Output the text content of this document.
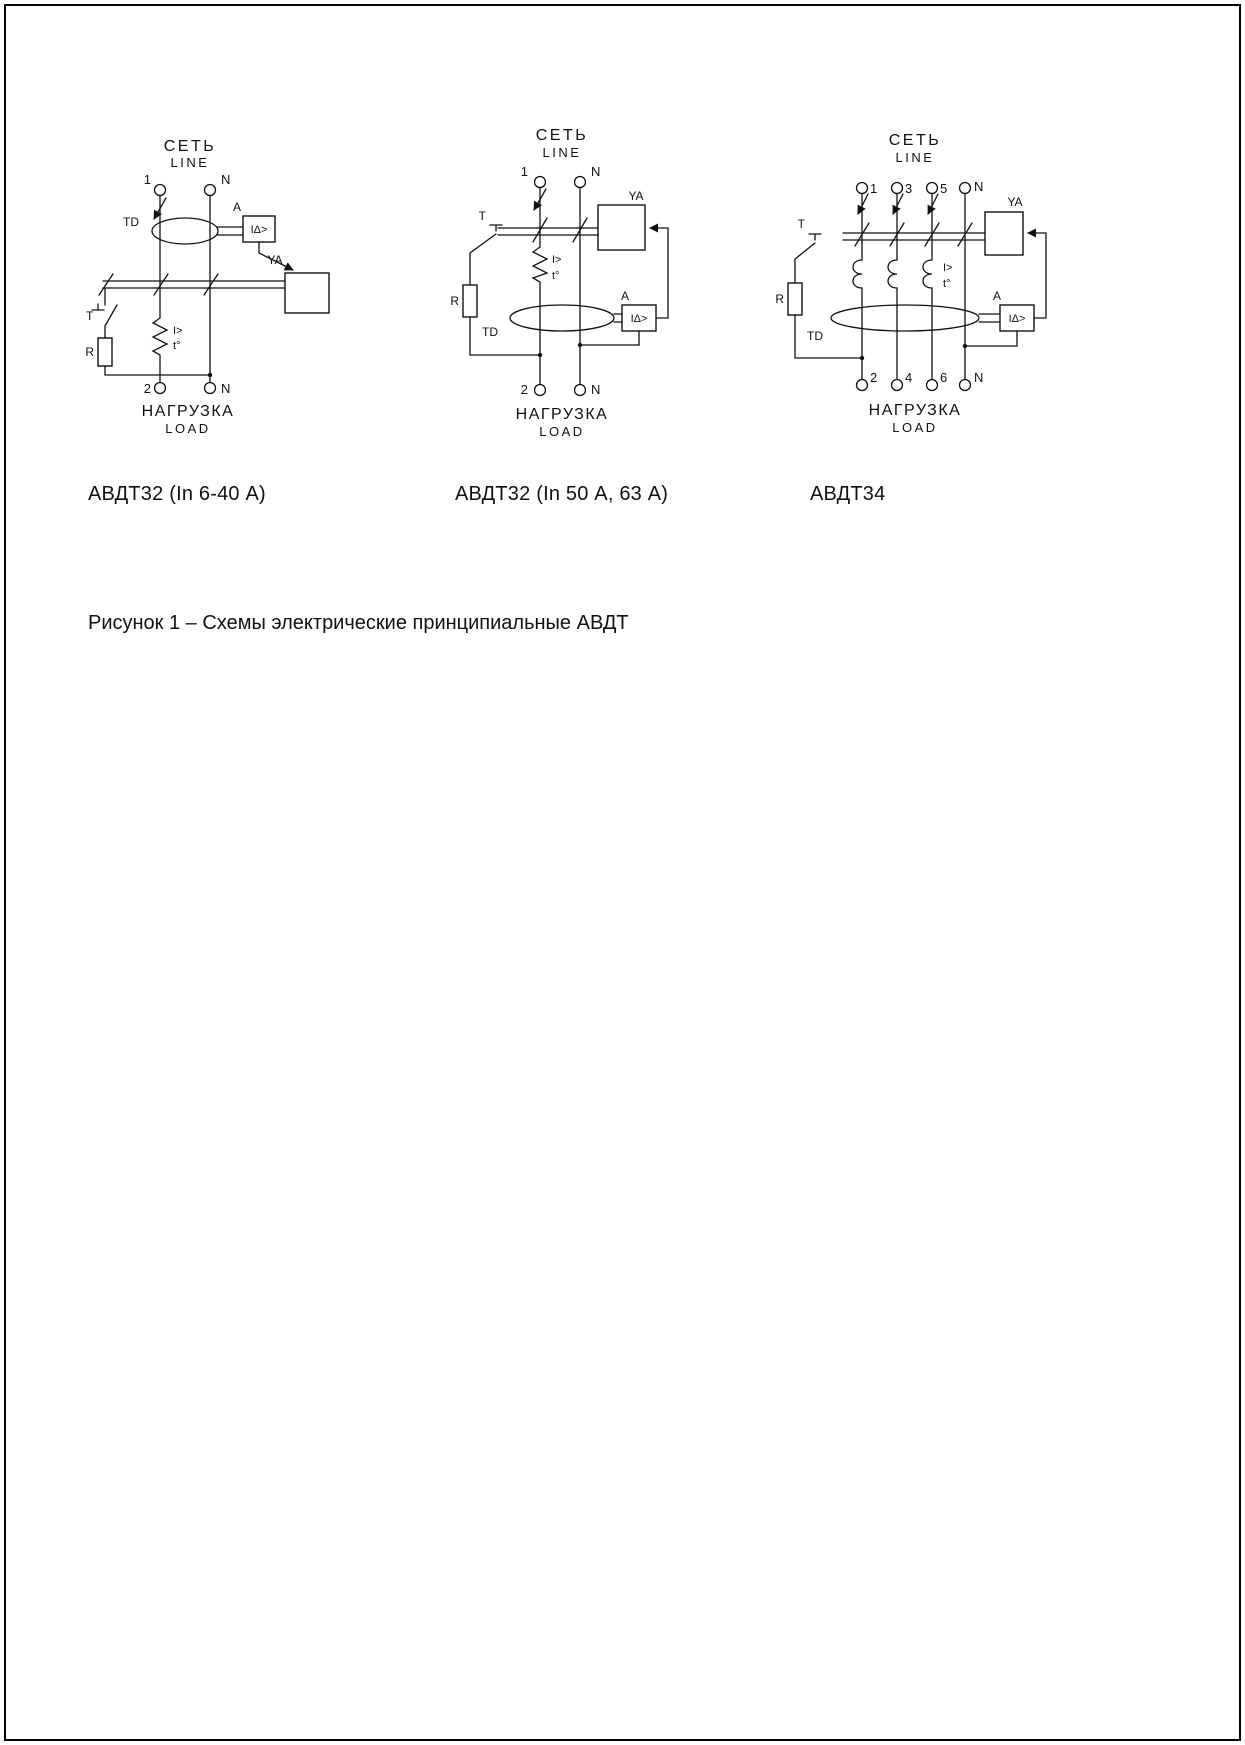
СЕТЬ
LINE
1	N
TD
A
IΔ>
YA
T
R
I>
t°
2	N
НАГРУЗКА
LOAD
СЕТЬ
LINE
1	N
YA
T
R
I>
t°
TD
A
IΔ>
2	N
НАГРУЗКА
LOAD
СЕТЬ
LINE
1 3 5 N
YA
T
R
I>
t°
TD
A
IΔ>
2 4 6 N
НАГРУЗКА
LOAD
АВДТ32 (In 6-40 А)	АВДТ32 (In 50 А, 63 А)	АВДТ34
Рисунок 1 – Схемы электрические принципиальные АВДТ
